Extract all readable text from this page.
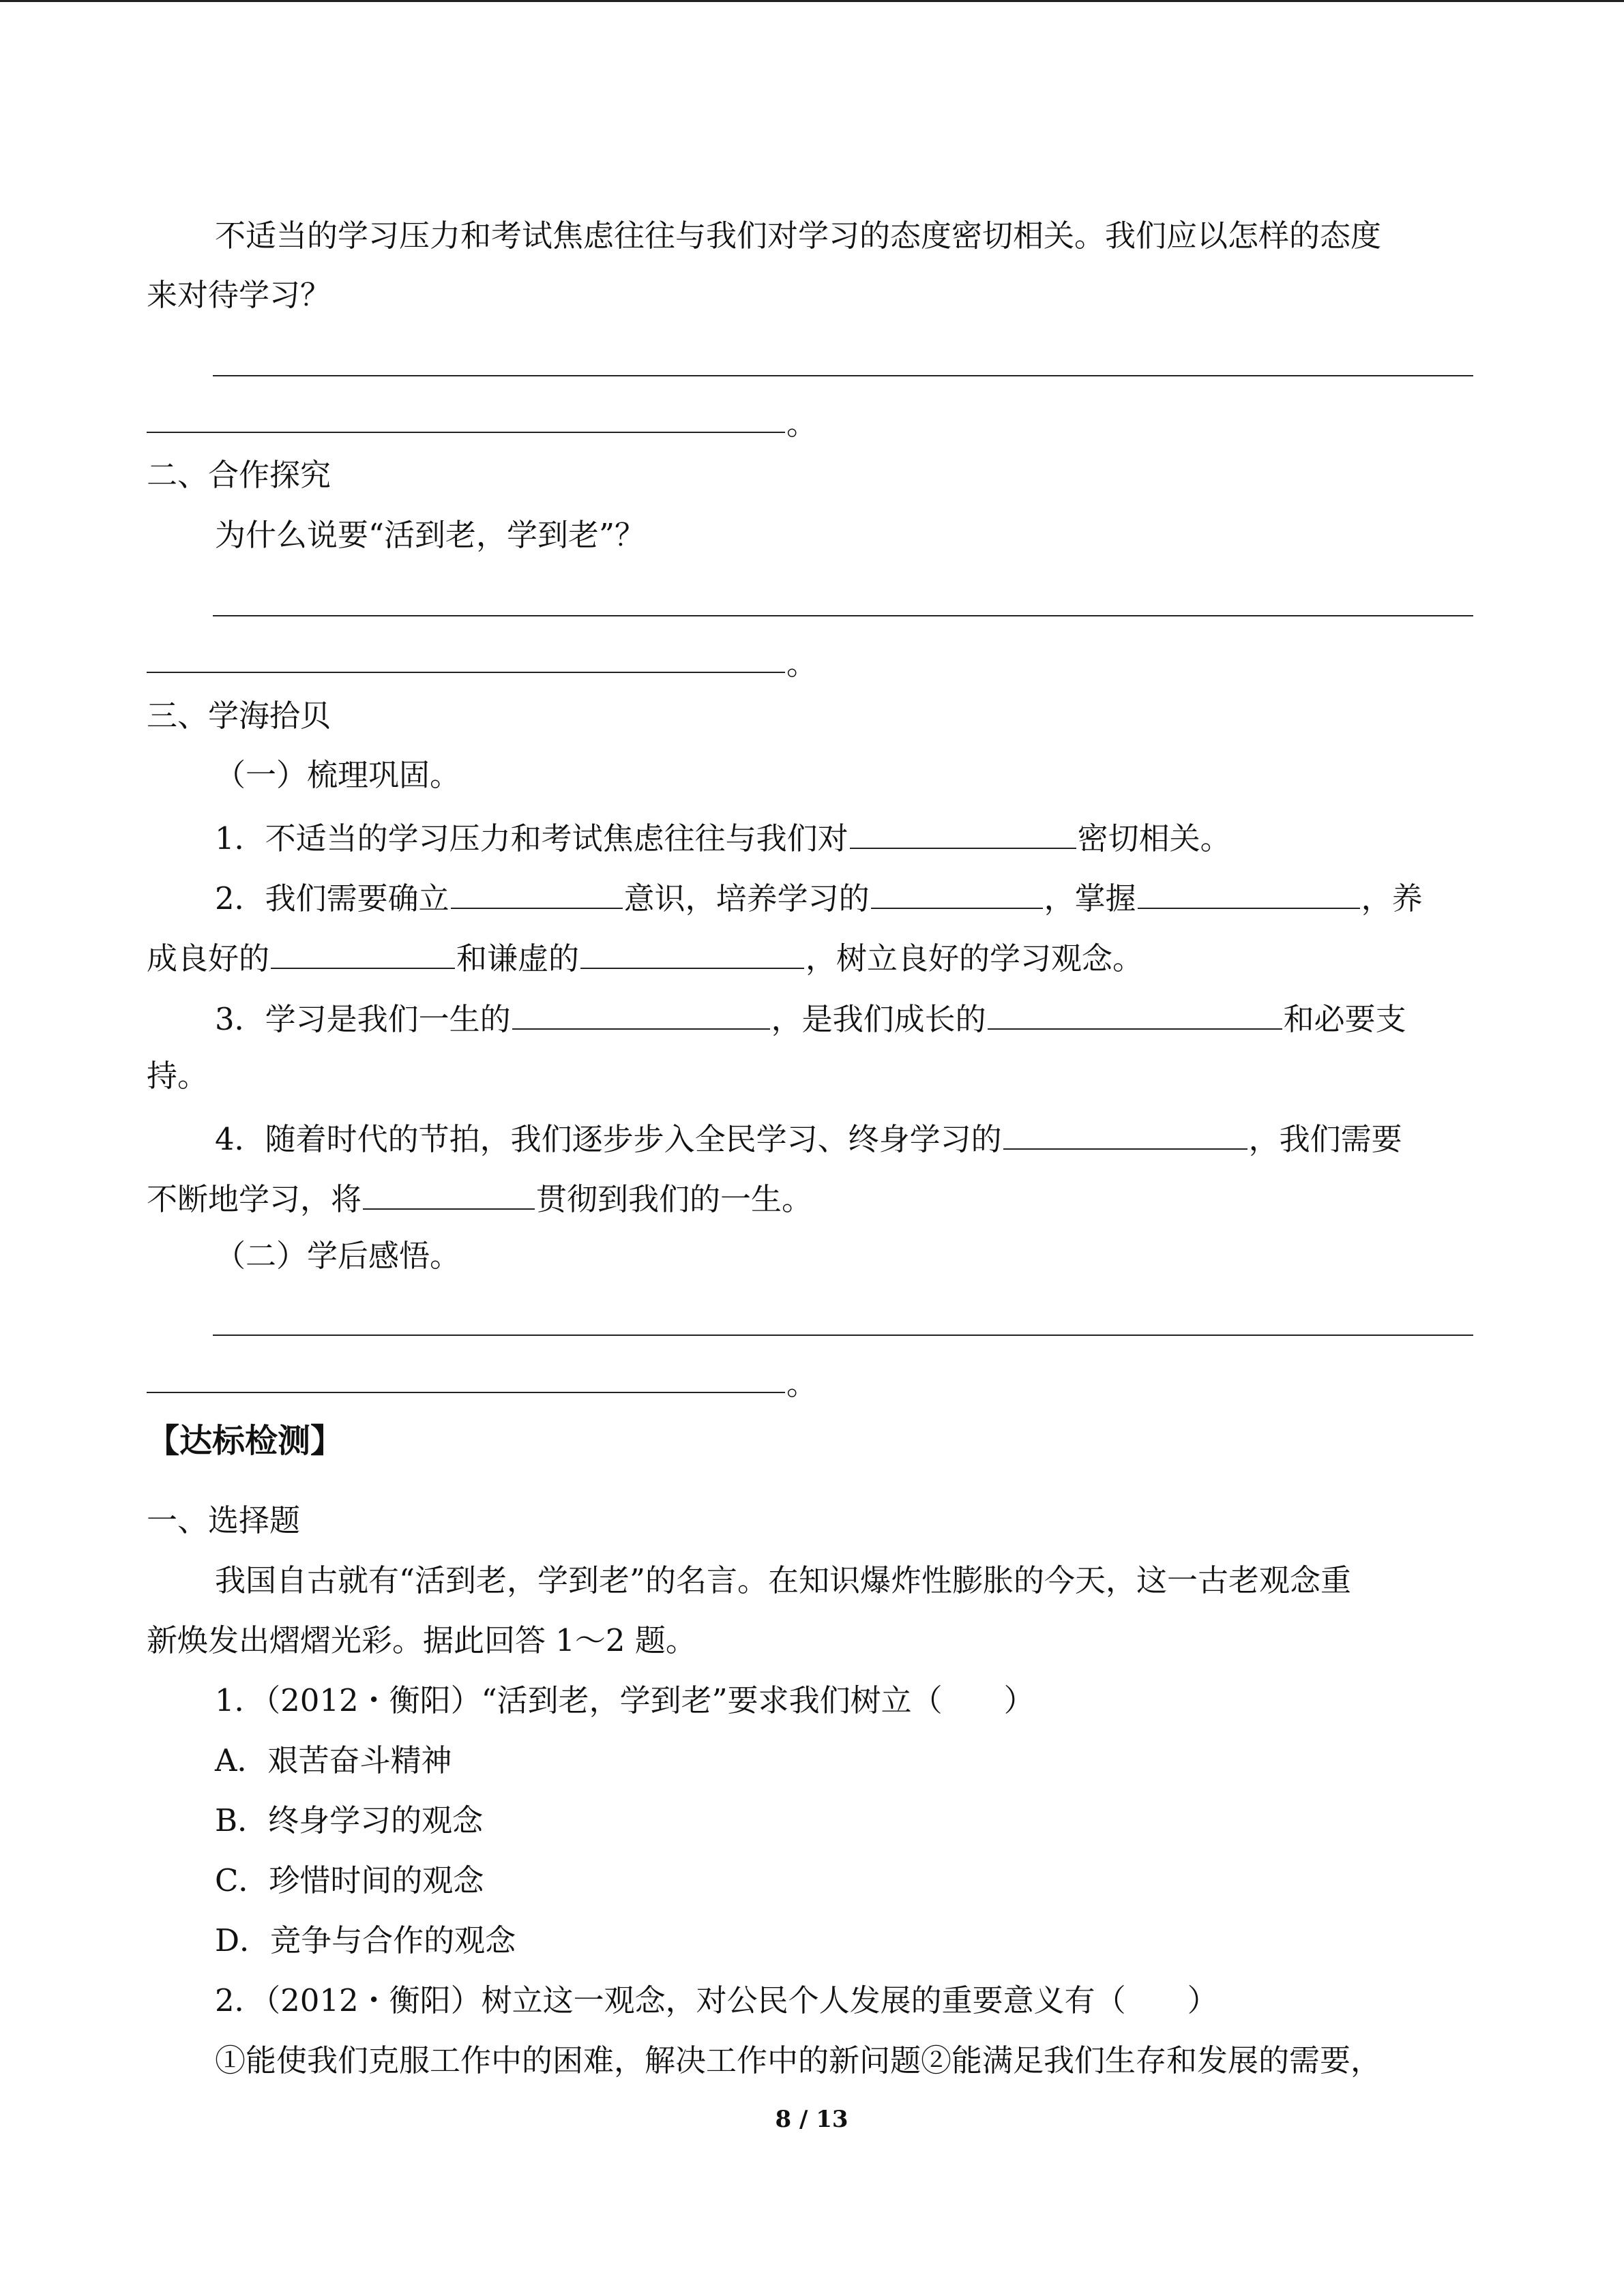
不适当的学习压力和考试焦虑往往与我们对学习的态度密切相关。我们应以怎样的态度
来对待学习？
。
二、合作探究
为什么说要“活到老，学到老”？
。
三、学海拾贝
（一）梳理巩固。
1．不适当的学习压力和考试焦虑往往与我们对	密切相关。
2．我们需要确立	意识，培养学习的	，掌握	，养
成良好的	和谦虚的	，树立良好的学习观念。
3．学习是我们一生的	，是我们成长的	和必要支
持。
4．随着时代的节拍，我们逐步步入全民学习、终身学习的	，我们需要
不断地学习，将	贯彻到我们的一生。
（二）学后感悟。
。
【达标检测】
一、选择题
我国自古就有“活到老，学到老”的名言。在知识爆炸性膨胀的今天，这一古老观念重
新焕发出熠熠光彩。据此回答 1～2 题。
1．（2012・衡阳）“活到老，学到老”要求我们树立（　　）
A．艰苦奋斗精神
B．终身学习的观念
C．珍惜时间的观念
D．竞争与合作的观念
2．（2012・衡阳）树立这一观念，对公民个人发展的重要意义有（　　）
①能使我们克服工作中的困难，解决工作中的新问题②能满足我们生存和发展的需要，
8 / 13
